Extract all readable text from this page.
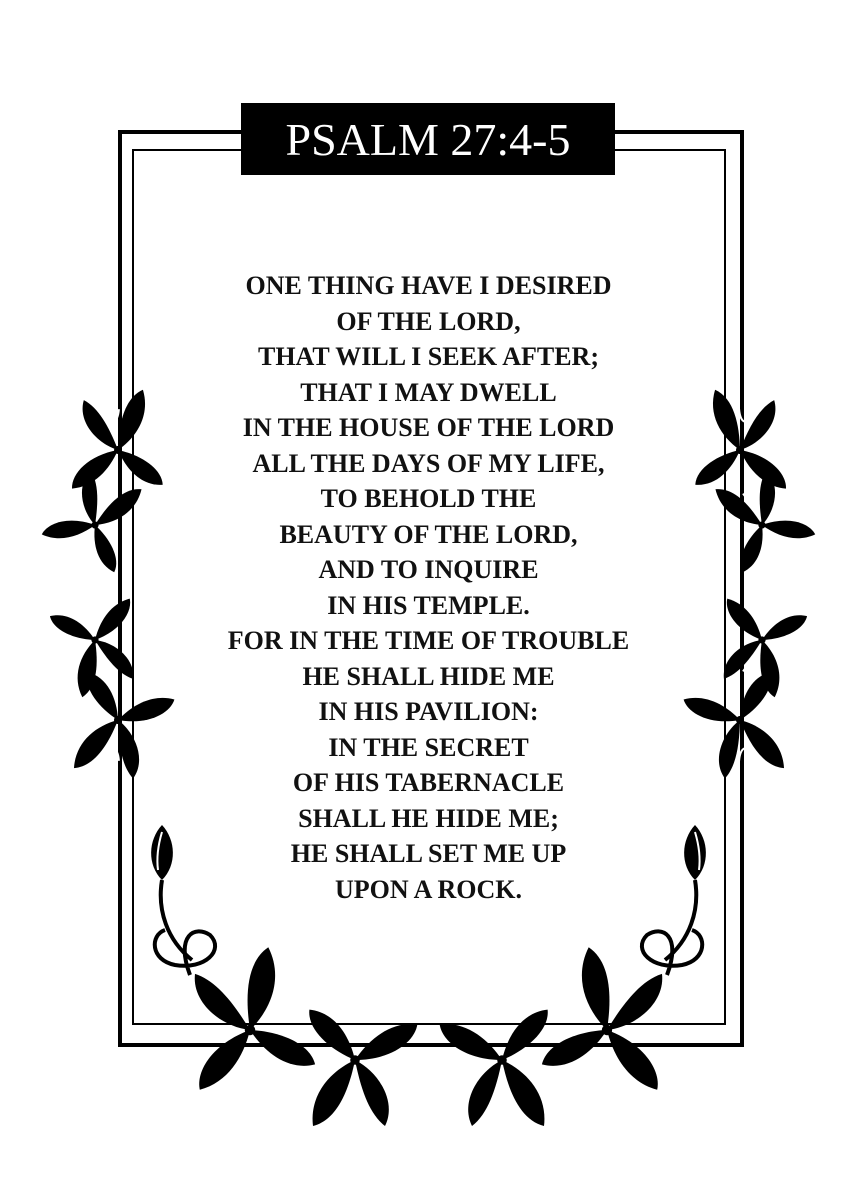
PSALM 27:4-5
ONE THING HAVE I DESIRED
OF THE LORD,
THAT WILL I SEEK AFTER;
THAT I MAY DWELL
IN THE HOUSE OF THE LORD
ALL THE DAYS OF MY LIFE,
TO BEHOLD THE
BEAUTY OF THE LORD,
AND TO INQUIRE
IN HIS TEMPLE.
FOR IN THE TIME OF TROUBLE
HE SHALL HIDE ME
IN HIS PAVILION:
IN THE SECRET
OF HIS TABERNACLE
SHALL HE HIDE ME;
HE SHALL SET ME UP
UPON A ROCK.
